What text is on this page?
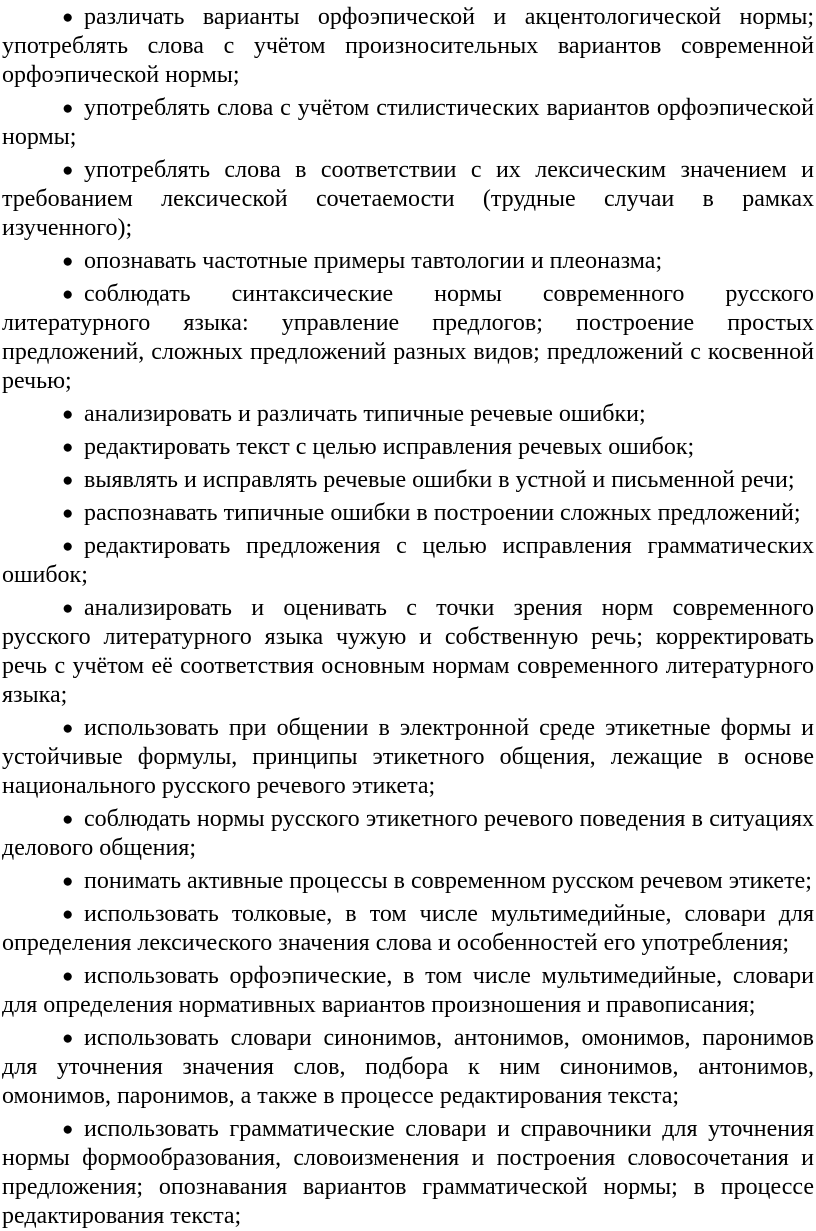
● различать варианты орфоэпической и акцентологической нормы; употреблять слова с учётом произносительных вариантов современной орфоэпической нормы;

● употреблять слова с учётом стилистических вариантов орфоэпической нормы;

● употреблять слова в соответствии с их лексическим значением и требованием лексической сочетаемости (трудные случаи в рамках изученного);

● опознавать частотные примеры тавтологии и плеоназма;

● соблюдать синтаксические нормы современного русского литературного языка: управление предлогов; построение простых предложений, сложных предложений разных видов; предложений с косвенной речью;

● анализировать и различать типичные речевые ошибки;

● редактировать текст с целью исправления речевых ошибок;

● выявлять и исправлять речевые ошибки в устной и письменной речи;

● распознавать типичные ошибки в построении сложных предложений;

● редактировать предложения с целью исправления грамматических ошибок;

● анализировать и оценивать с точки зрения норм современного русского литературного языка чужую и собственную речь; корректировать речь с учётом её соответствия основным нормам современного литературного языка;

● использовать при общении в электронной среде этикетные формы и устойчивые формулы, принципы этикетного общения, лежащие в основе национального русского речевого этикета;

● соблюдать нормы русского этикетного речевого поведения в ситуациях делового общения;

● понимать активные процессы в современном русском речевом этикете;

● использовать толковые, в том числе мультимедийные, словари для определения лексического значения слова и особенностей его употребления;

● использовать орфоэпические, в том числе мультимедийные, словари для определения нормативных вариантов произношения и правописания;

● использовать словари синонимов, антонимов, омонимов, паронимов для уточнения значения слов, подбора к ним синонимов, антонимов, омонимов, паронимов, а также в процессе редактирования текста;

● использовать грамматические словари и справочники для уточнения нормы формообразования, словоизменения и построения словосочетания и предложения; опознавания вариантов грамматической нормы; в процессе редактирования текста;
